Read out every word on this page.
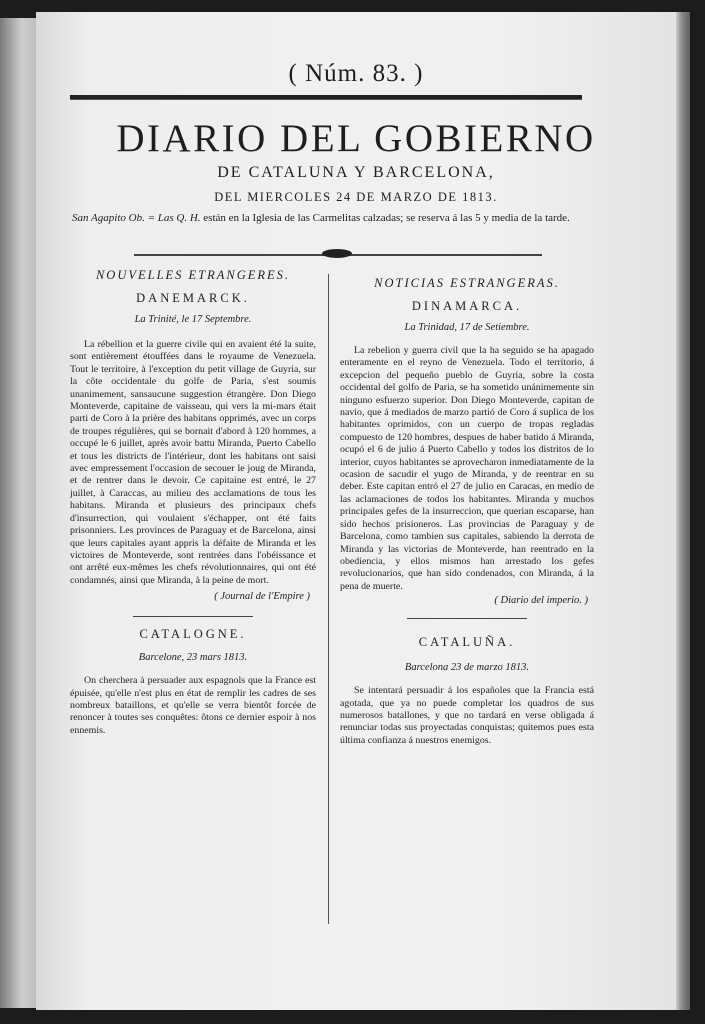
( Núm. 83. )
DIARIO DEL GOBIERNO
DE CATALUNA Y BARCELONA,
DEL MIERCOLES 24 DE MARZO DE 1813.
San Agapito Ob. = Las Q. H. están en la Iglesia de las Carmelitas calzadas; se reserva á las 5 y media de la tarde.

NOUVELLES ETRANGERES.

DANEMARCK.

La Trinité, le 17 Septembre.

La rébellion et la guerre civile qui en avaient été la suite, sont entièrement étouffées dans le royaume de Venezuela. Tout le territoire, à l'exception du petit village de Guyria, sur la côte occidentale du golfe de Paria, s'est soumis unanimement, sansaucune suggestion étrangère. Don Diego Monteverde, capitaine de vaisseau, qui vers la mi-mars était parti de Coro à la prière des habitans opprimés, avec un corps de troupes régulières, qui se bornait d'abord à 120 hommes, a occupé le 6 juillet, après avoir battu Miranda, Puerto Cabello et tous les districts de l'intérieur, dont les habitans ont saisi avec empressement l'occasion de secouer le joug de Miranda, et de rentrer dans le devoir. Ce capitaine est entré, le 27 juillet, à Caraccas, au milieu des acclamations de tous les habitans. Miranda et plusieurs des principaux chefs d'insurrection, qui voulaient s'échapper, ont été faits prisonniers. Les provinces de Paraguay et de Barcelona, ainsi que leurs capitales ayant appris la défaite de Miranda et les victoires de Monteverde, sont rentrées dans l'obéissance et ont arrêté eux-mêmes les chefs révolutionnaires, qui ont été condamnés, ainsi que Miranda, à la peine de mort.

( Journal de l'Empire )

CATALOGNE.

Barcelone, 23 mars 1813.

On cherchera à persuader aux espagnols que la France est épuisée, qu'elle n'est plus en état de remplir les cadres de ses nombreux bataillons, et qu'elle se verra bientôt forcée de renoncer à toutes ses conquêtes: ôtons ce dernier espoir à nos ennemis.

NOTICIAS ESTRANGERAS.

DINAMARCA.

La Trinidad, 17 de Setiembre.

La rebelion y guerra civil que la ha seguido se ha apagado enteramente en el reyno de Venezuela. Todo el territorio, á excepcion del pequeño pueblo de Guyria, sobre la costa occidental del golfo de Paria, se ha sometido unánimemente sin ninguno esfuerzo superior. Don Diego Monteverde, capitan de navio, que á mediados de marzo partió de Coro á suplica de los habitantes oprimidos, con un cuerpo de tropas regladas compuesto de 120 hombres, despues de haber batido á Miranda, ocupó el 6 de julio á Puerto Cabello y todos los distritos de lo interior, cuyos habitantes se aprovecharon inmediatamente de la ocasion de sacudir el yugo de Miranda, y de reentrar en su deber. Este capitan entró el 27 de julio en Caracas, en medio de las aclamaciones de todos los habitantes. Miranda y muchos principales gefes de la insurreccion, que querian escaparse, han sido hechos prisioneros. Las provincias de Paraguay y de Barcelona, como tambien sus capitales, sabiendo la derrota de Miranda y las victorias de Monteverde, han reentrado en la obediencia, y ellos mismos han arrestado los gefes revolucionarios, que han sido condenados, con Miranda, á la pena de muerte.

( Diario del imperio. )

CATALUÑA.

Barcelona 23 de marzo 1813.

Se intentará persuadir á los españoles que la Francia está agotada, que ya no puede completar los quadros de sus numerosos batallones, y que no tardará en verse obligada á renunciar todas sus proyectadas conquistas; quitemos pues esta última confianza á nuestros enemigos.
